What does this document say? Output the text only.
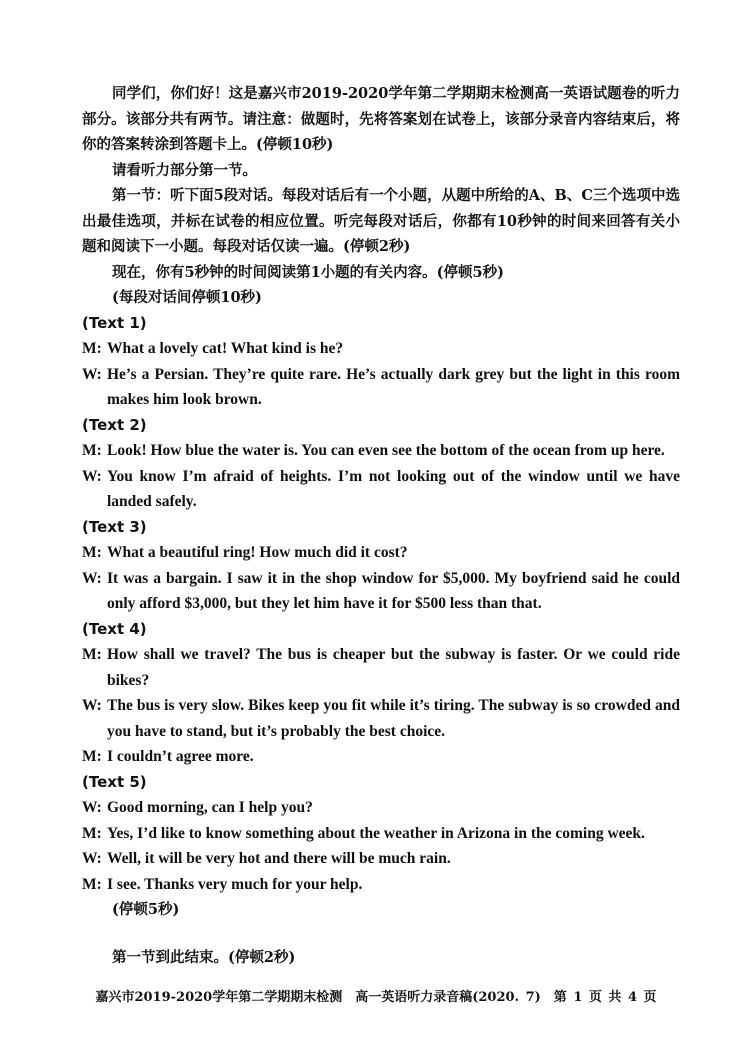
同学们，你们好！这是嘉兴市2019-2020学年第二学期期末检测高一英语试题卷的听力部分。该部分共有两节。请注意：做题时，先将答案划在试卷上，该部分录音内容结束后，将你的答案转涂到答题卡上。(停顿10秒)

请看听力部分第一节。

第一节：听下面5段对话。每段对话后有一个小题，从题中所给的A、B、C三个选项中选出最佳选项，并标在试卷的相应位置。听完每段对话后，你都有10秒钟的时间来回答有关小题和阅读下一小题。每段对话仅读一遍。(停顿2秒)

现在，你有5秒钟的时间阅读第1小题的有关内容。(停顿5秒)

(每段对话间停顿10秒)

(Text 1)

M: What a lovely cat! What kind is he?
W: He’s a Persian. They’re quite rare. He’s actually dark grey but the light in this room makes him look brown.

(Text 2)

M: Look! How blue the water is. You can even see the bottom of the ocean from up here.
W: You know I’m afraid of heights. I’m not looking out of the window until we have landed safely.

(Text 3)

M: What a beautiful ring! How much did it cost?
W: It was a bargain. I saw it in the shop window for $5,000. My boyfriend said he could only afford $3,000, but they let him have it for $500 less than that.

(Text 4)

M: How shall we travel? The bus is cheaper but the subway is faster. Or we could ride bikes?
W: The bus is very slow. Bikes keep you fit while it’s tiring. The subway is so crowded and you have to stand, but it’s probably the best choice.
M: I couldn’t agree more.

(Text 5)

W: Good morning, can I help you?
M: Yes, I’d like to know something about the weather in Arizona in the coming week.
W: Well, it will be very hot and there will be much rain.
M: I see. Thanks very much for your help.

(停顿5秒)

第一节到此结束。(停顿2秒)

嘉兴市2019-2020学年第二学期期末检测　高一英语听力录音稿(2020. 7)　第 1 页 共 4 页
